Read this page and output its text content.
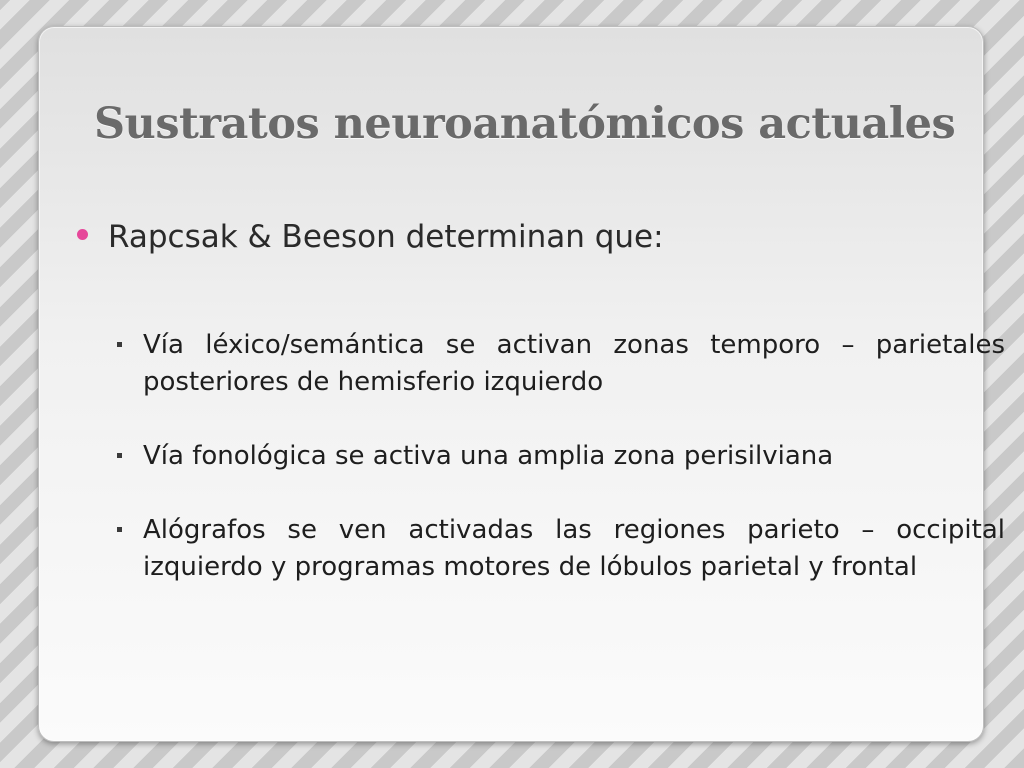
Sustratos neuroanatómicos actuales
Rapcsak & Beeson determinan que:
Vía léxico/semántica se activan zonas temporo – parietales posteriores de hemisferio izquierdo
Vía fonológica se activa una amplia zona perisilviana
Alógrafos se ven activadas las regiones parieto – occipital izquierdo y programas motores de lóbulos parietal y frontal
